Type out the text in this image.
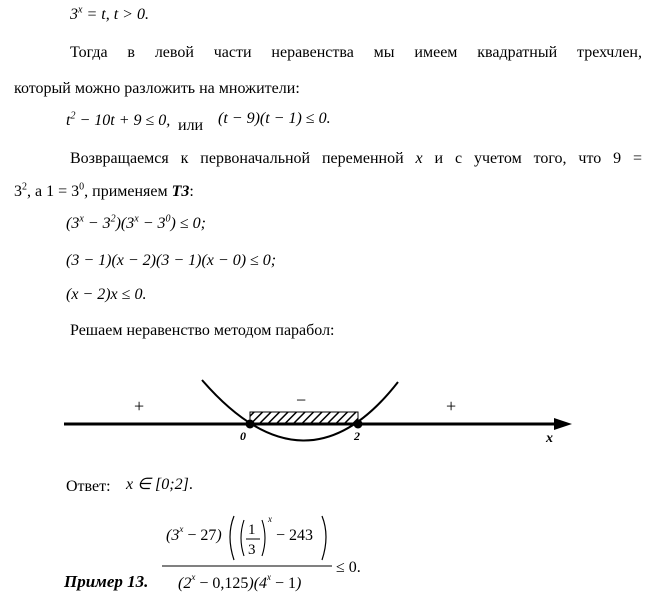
$3^x = t$, t > 0.
Тогда в левой части неравенства мы имеем квадратный трехчлен,
который можно разложить на множители:
$t^2 - 10t + 9 \le 0$, или (t − 9)(t − 1) ≤ 0.
Возвращаемся к первоначальной переменной x и с учетом того, что 9 =
$3^2$, а $1 = 3^0$, применяем Т3:
$(3^x - 3^2)(3^x - 3^0) \le 0$;
(3 − 1)(x − 2)(3 − 1)(x − 0) ≤ 0;
(x − 2)x ≤ 0.
Решаем неравенство методом парабол:
+	−	+
0	2	x
Ответ: x ∈ [0;2].
Пример 13.
$(3^x - 27)$ 1
3
x
− 243
$(2^x - 0,125)(4^x - 1)$
≤ 0.
